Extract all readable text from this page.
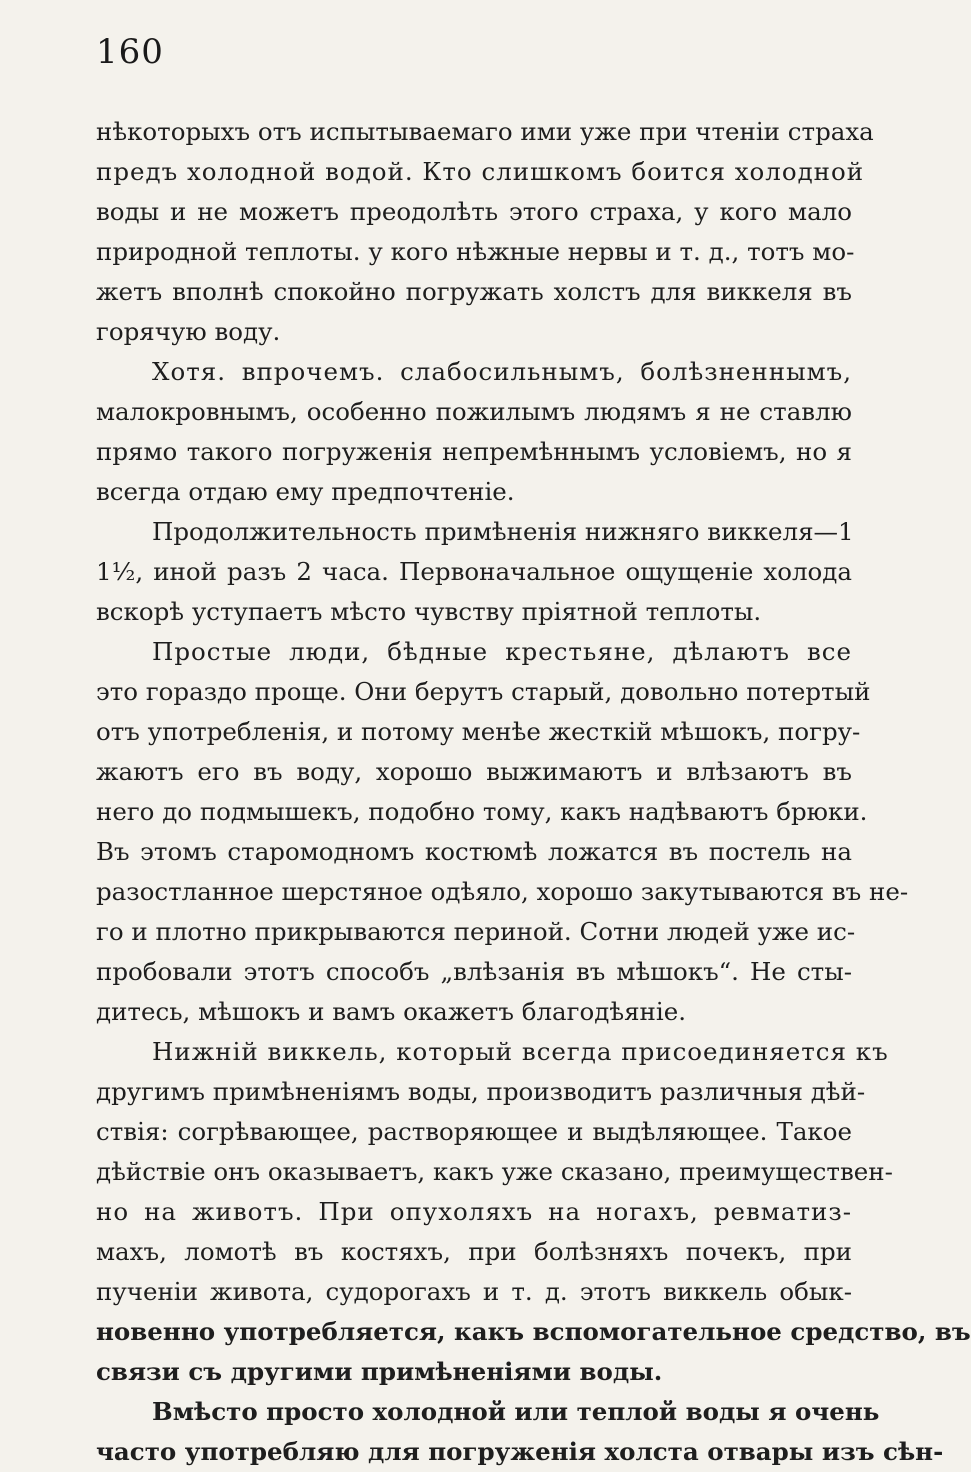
160
нѣкоторыхъ отъ испытываемаго ими уже при чтеніи страха
предъ холодной водой. Кто слишкомъ боится холодной
воды и не можетъ преодолѣть этого страха, у кого мало
природной теплоты. у кого нѣжные нервы и т. д., тотъ мо-
жетъ вполнѣ спокойно погружать холстъ для виккеля въ
горячую воду.
Хотя. впрочемъ. слабосильнымъ, болѣзненнымъ,
малокровнымъ, особенно пожилымъ людямъ я не ставлю
прямо такого погруженія непремѣннымъ условіемъ, но я
всегда отдаю ему предпочтеніе.
Продолжительность примѣненія нижняго виккеля—1
1½, иной разъ 2 часа. Первоначальное ощущеніе холода
вскорѣ уступаетъ мѣсто чувству пріятной теплоты.
Простые люди, бѣдные крестьяне, дѣлаютъ все
это гораздо проще. Они берутъ старый, довольно потертый
отъ употребленія, и потому менѣе жесткій мѣшокъ, погру-
жаютъ его въ воду, хорошо выжимаютъ и влѣзаютъ въ
него до подмышекъ, подобно тому, какъ надѣваютъ брюки.
Въ этомъ старомодномъ костюмѣ ложатся въ постель на
разостланное шерстяное одѣяло, хорошо закутываются въ не-
го и плотно прикрываются периной. Сотни людей уже ис-
пробовали этотъ способъ „влѣзанія въ мѣшокъ“. Не сты-
дитесь, мѣшокъ и вамъ окажетъ благодѣяніе.
Нижній виккель, который всегда присоединяется къ
другимъ примѣненіямъ воды, производитъ различныя дѣй-
ствія: согрѣвающее, растворяющее и выдѣляющее. Такое
дѣйствіе онъ оказываетъ, какъ уже сказано, преимуществен-
но на животъ. При опухоляхъ на ногахъ, ревматиз-
махъ, ломотѣ въ костяхъ, при болѣзняхъ почекъ, при
пученіи живота, судорогахъ и т. д. этотъ виккель обык-
новенно употребляется, какъ вспомогательное средство, въ
связи съ другими примѣненіями воды.
Вмѣсто просто холодной или теплой воды я очень
часто употребляю для погруженія холста отвары изъ сѣн-
